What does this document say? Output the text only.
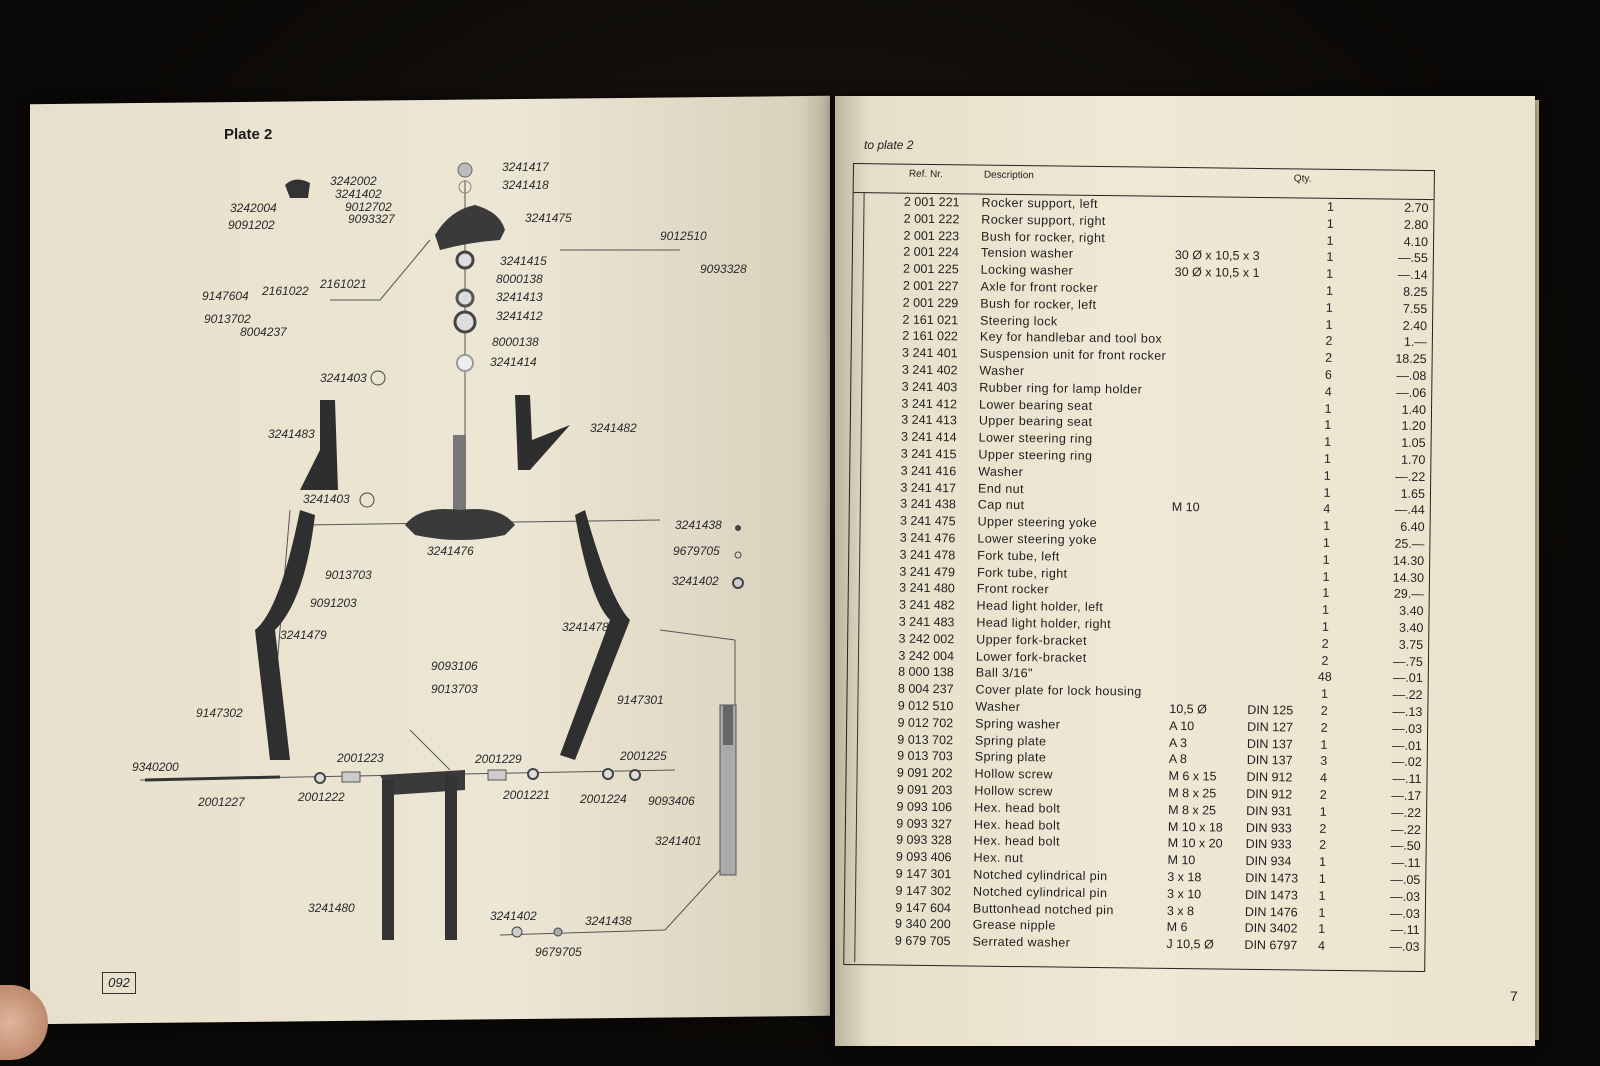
Plate 2
3242002
3241402
9012702
9093327
3242004
9091202
3241417
3241418
3241475
9012510
9093328
3241415
8000138
3241413
3241412
9147604
9013702
8004237
2161022 2161021
8000138
3241414
3241403
3241483	3241482
3241403
3241476
3241438
9679705
3241402
9013703
9091203
3241479
3241478
9093106
9013703
9147301
9147302
2001223	2001229	2001225
9340200
2001227	2001222	2001221	2001224 9093406
3241401
3241480
3241402	3241438
9679705
092
to plate 2
Ref. Nr.	Description	Qty.
2 001 221 Rocker support, left	1	2.70
2 001 222 Rocker support, right	1	2.80
2 001 223 Bush for rocker, right	1	4.10
2 001 224 Tension washer	30 Ø x 10,5 x 3	1	—.55
2 001 225 Locking washer	30 Ø x 10,5 x 1	1	—.14
2 001 227 Axle for front rocker	1	8.25
2 001 229 Bush for rocker, left	1	7.55
2 161 021 Steering lock	1	2.40
2 161 022 Key for handlebar and tool box	2	1.—
3 241 401 Suspension unit for front rocker	2	18.25
3 241 402 Washer	6	—.08
3 241 403 Rubber ring for lamp holder	4	—.06
3 241 412 Lower bearing seat	1	1.40
3 241 413 Upper bearing seat	1	1.20
3 241 414 Lower steering ring	1	1.05
3 241 415 Upper steering ring	1	1.70
3 241 416 Washer	1	—.22
3 241 417 End nut	1	1.65
3 241 438 Cap nut	M 10	4	—.44
3 241 475 Upper steering yoke	1	6.40
3 241 476 Lower steering yoke	1	25.—
3 241 478 Fork tube, left	1	14.30
3 241 479 Fork tube, right	1	14.30
3 241 480 Front rocker	1	29.—
3 241 482 Head light holder, left	1	3.40
3 241 483 Head light holder, right	1	3.40
3 242 002 Upper fork-bracket	2	3.75
3 242 004 Lower fork-bracket	2	—.75
8 000 138 Ball 3/16"	48	—.01
8 004 237 Cover plate for lock housing	1	—.22
9 012 510 Washer	10,5 Ø	DIN 125	2	—.13
9 012 702 Spring washer	A 10	DIN 127	2	—.03
9 013 702 Spring plate	A 3	DIN 137	1	—.01
9 013 703 Spring plate	A 8	DIN 137	3	—.02
9 091 202 Hollow screw	M 6 x 15 DIN 912	4	—.11
9 091 203 Hollow screw	M 8 x 25 DIN 912	2	—.17
9 093 106 Hex. head bolt	M 8 x 25 DIN 931	1	—.22
9 093 327 Hex. head bolt	M 10 x 18 DIN 933	2	—.22
9 093 328 Hex. head bolt	M 10 x 20 DIN 933	2	—.50
9 093 406 Hex. nut	M 10	DIN 934	1	—.11
9 147 301 Notched cylindrical pin	3 x 18	DIN 1473	1	—.05
9 147 302 Notched cylindrical pin	3 x 10	DIN 1473	1	—.03
9 147 604 Buttonhead notched pin	3 x 8	DIN 1476	1	—.03
9 340 200 Grease nipple	M 6	DIN 3402	1	—.11
9 679 705 Serrated washer	J 10,5 Ø DIN 6797	4	—.03
7
